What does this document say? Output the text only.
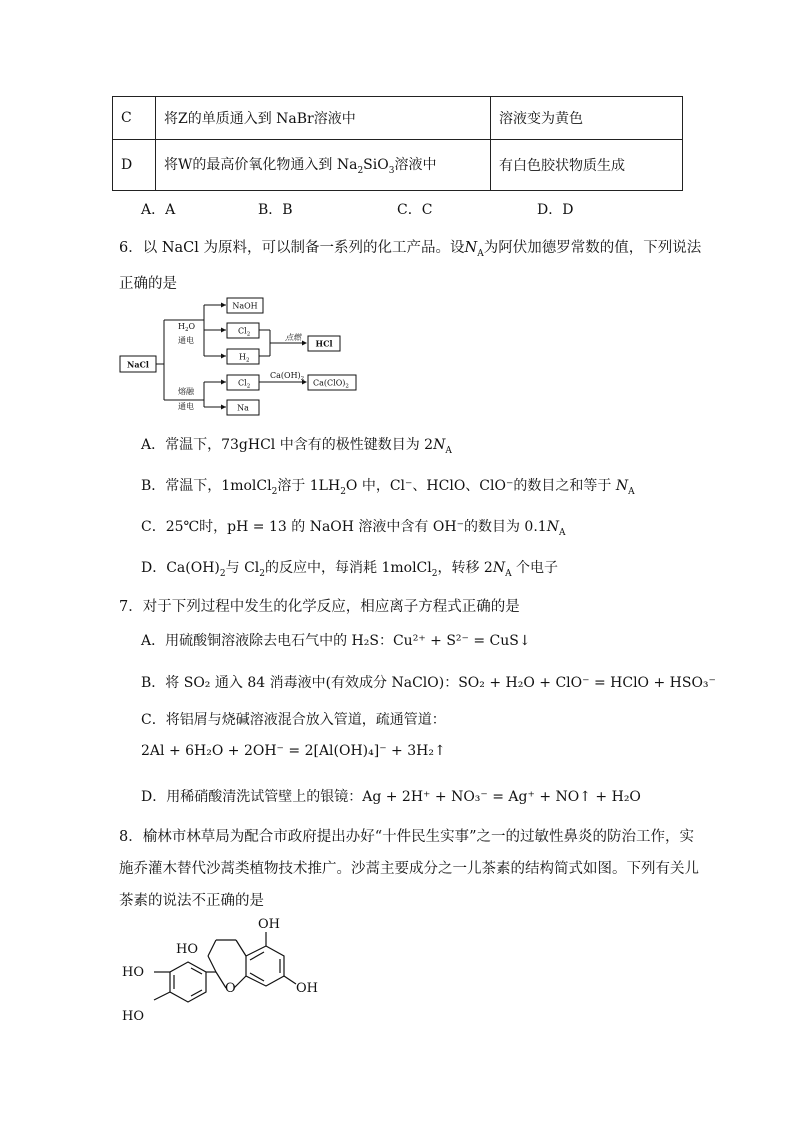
C	将Z的单质通入到 NaBr溶液中	溶液变为黄色
D	将W的最高价氧化物通入到 $Na_2SiO_3$溶液中	有白色胶状物质生成
A．A	B．B	C．C	D．D
6．以 NaCl 为原料，可以制备一系列的化工产品。设$N_A$为阿伏加德罗常数的值，下列说法
正确的是
NaCl
$H_2O$
通电
NaOH
$Cl_2$
$H_2$
点燃
HCl
熔融
通电
$Cl_2$
$Ca(OH)_2$ $Ca(ClO)_2$
Na
A．常温下，73gHCl 中含有的极性键数目为 $2N_A$
B．常温下，1molCl$_2$溶于 $1LH_2O$ 中，Cl⁻、HClO、ClO⁻的数目之和等于 $N_A$
C．25℃时，pH = 13 的 NaOH 溶液中含有 OH⁻的数目为 $0.1N_A$
D．$Ca(OH)_2$与 $Cl_2$的反应中，每消耗 1molCl$_2$，转移 $2N_A$ 个电子
7．对于下列过程中发生的化学反应，相应离子方程式正确的是
A．用硫酸铜溶液除去电石气中的 H₂S：Cu²⁺ + S²⁻ = CuS↓
B．将 SO₂ 通入 84 消毒液中(有效成分 NaClO)：SO₂ + H₂O + ClO⁻ = HClO + HSO₃⁻
C．将铝屑与烧碱溶液混合放入管道，疏通管道：
2Al + 6H₂O + 2OH⁻ = 2[Al(OH)₄]⁻ + 3H₂↑
D．用稀硝酸清洗试管壁上的银镜：Ag + 2H⁺ + NO₃⁻ = Ag⁺ + NO↑ + H₂O
8．榆林市林草局为配合市政府提出办好“十件民生实事”之一的过敏性鼻炎的防治工作，实
施乔灌木替代沙蒿类植物技术推广。沙蒿主要成分之一儿茶素的结构简式如图。下列有关儿
茶素的说法不正确的是
HO
OH
HO
HO
O	OH
